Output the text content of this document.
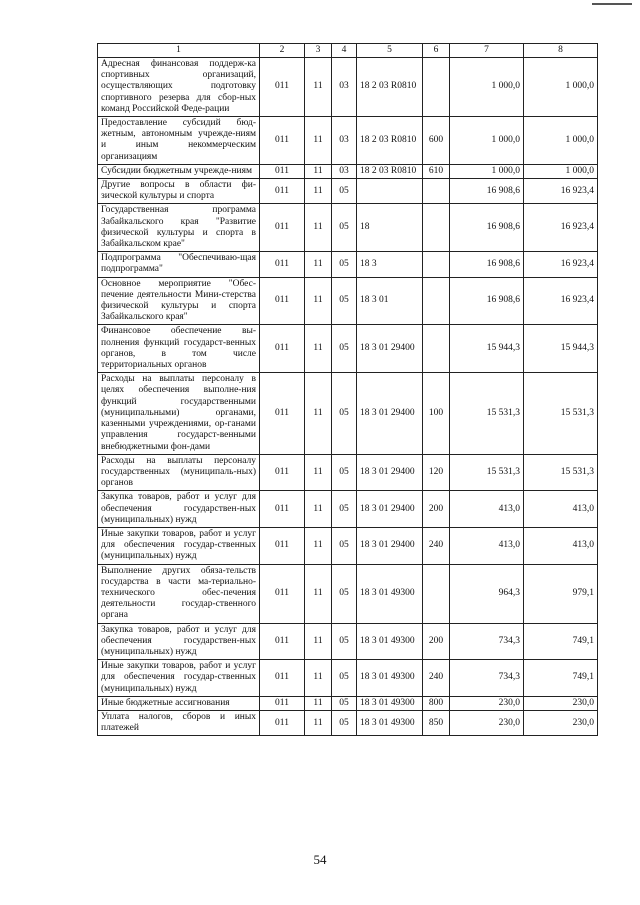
1	2	3	4	5	6	7	8
Адресная финансовая поддерж-ка спортивных организаций, осуществляющих подготовку спортивного резерва для сбор-ных команд Российской Феде-рации	011	11	03	18 2 03 R0810		1 000,0	1 000,0
Предоставление субсидий бюд-жетным, автономным учрежде-ниям и иным некоммерческим организациям	011	11	03	18 2 03 R0810	600	1 000,0	1 000,0
Субсидии бюджетным учрежде-ниям	011	11	03	18 2 03 R0810	610	1 000,0	1 000,0
Другие вопросы в области фи-зической культуры и спорта	011	11	05			16 908,6	16 923,4
Государственная программа Забайкальского края "Развитие физической культуры и спорта в Забайкальском крае"	011	11	05	18		16 908,6	16 923,4
Подпрограмма "Обеспечиваю-щая подпрограмма"	011	11	05	18 3		16 908,6	16 923,4
Основное мероприятие "Обес-печение деятельности Мини-стерства физической культуры и спорта Забайкальского края"	011	11	05	18 3 01		16 908,6	16 923,4
Финансовое обеспечение вы-полнения функций государст-венных органов, в том числе территориальных органов	011	11	05	18 3 01 29400		15 944,3	15 944,3
Расходы на выплаты персоналу в целях обеспечения выполне-ния функций государственными (муниципальными) органами, казенными учреждениями, ор-ганами управления государст-венными внебюджетными фон-дами	011	11	05	18 3 01 29400	100	15 531,3	15 531,3
Расходы на выплаты персоналу государственных (муниципаль-ных) органов	011	11	05	18 3 01 29400	120	15 531,3	15 531,3
Закупка товаров, работ и услуг для обеспечения государствен-ных (муниципальных) нужд	011	11	05	18 3 01 29400	200	413,0	413,0
Иные закупки товаров, работ и услуг для обеспечения государ-ственных (муниципальных) нужд	011	11	05	18 3 01 29400	240	413,0	413,0
Выполнение других обяза-тельств государства в части ма-териально-технического обес-печения деятельности государ-ственного органа	011	11	05	18 3 01 49300		964,3	979,1
Закупка товаров, работ и услуг для обеспечения государствен-ных (муниципальных) нужд	011	11	05	18 3 01 49300	200	734,3	749,1
Иные закупки товаров, работ и услуг для обеспечения государ-ственных (муниципальных) нужд	011	11	05	18 3 01 49300	240	734,3	749,1
Иные бюджетные ассигнования	011	11	05	18 3 01 49300	800	230,0	230,0
Уплата налогов, сборов и иных платежей	011	11	05	18 3 01 49300	850	230,0	230,0
54
